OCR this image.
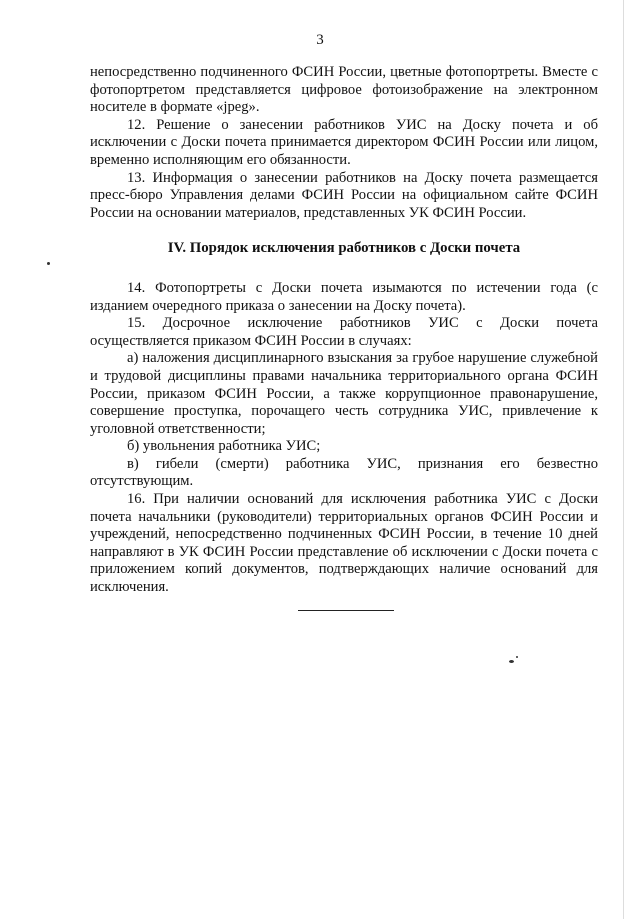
3

непосредственно подчиненного ФСИН России, цветные фотопортреты. Вместе с фотопортретом представляется цифровое фотоизображение на электронном носителе в формате «jpeg».

12. Решение о занесении работников УИС на Доску почета и об исключении с Доски почета принимается директором ФСИН России или лицом, временно исполняющим его обязанности.

13. Информация о занесении работников на Доску почета размещается пресс-бюро Управления делами ФСИН России на официальном сайте ФСИН России на основании материалов, представленных УК ФСИН России.

IV. Порядок исключения работников с Доски почета

14. Фотопортреты с Доски почета изымаются по истечении года (с изданием очередного приказа о занесении на Доску почета).

15. Досрочное исключение работников УИС с Доски почета осуществляется приказом ФСИН России в случаях:

а) наложения дисциплинарного взыскания за грубое нарушение служебной и трудовой дисциплины правами начальника территориального органа ФСИН России, приказом ФСИН России, а также коррупционное правонарушение, совершение проступка, порочащего честь сотрудника УИС, привлечение к уголовной ответственности;

б) увольнения работника УИС;

в) гибели (смерти) работника УИС, признания его безвестно отсутствующим.

16. При наличии оснований для исключения работника УИС с Доски почета начальники (руководители) территориальных органов ФСИН России и учреждений, непосредственно подчиненных ФСИН России, в течение 10 дней направляют в УК ФСИН России представление об исключении с Доски почета с приложением копий документов, подтверждающих наличие оснований для исключения.
